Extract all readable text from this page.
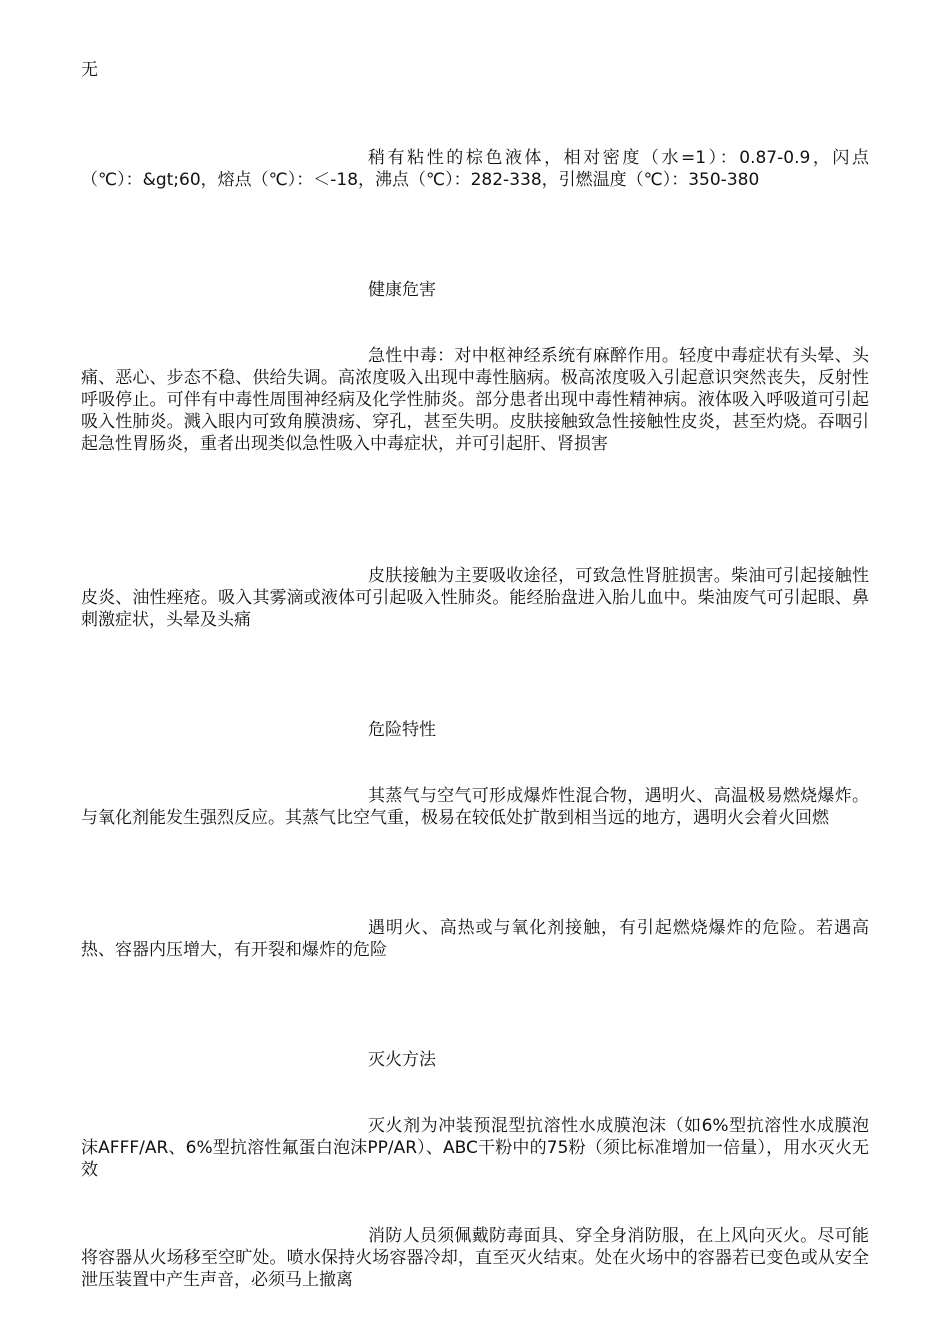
无

稍有粘性的棕色液体，相对密度（水=1）：0.87-0.9，闪点（℃）：&gt;60，熔点（℃）：＜-18，沸点（℃）：282-338，引燃温度（℃）：350-380

健康危害

急性中毒：对中枢神经系统有麻醉作用。轻度中毒症状有头晕、头痛、恶心、步态不稳、供给失调。高浓度吸入出现中毒性脑病。极高浓度吸入引起意识突然丧失，反射性呼吸停止。可伴有中毒性周围神经病及化学性肺炎。部分患者出现中毒性精神病。液体吸入呼吸道可引起吸入性肺炎。溅入眼内可致角膜溃疡、穿孔，甚至失明。皮肤接触致急性接触性皮炎，甚至灼烧。吞咽引起急性胃肠炎，重者出现类似急性吸入中毒症状，并可引起肝、肾损害

皮肤接触为主要吸收途径，可致急性肾脏损害。柴油可引起接触性皮炎、油性痤疮。吸入其雾滴或液体可引起吸入性肺炎。能经胎盘进入胎儿血中。柴油废气可引起眼、鼻刺激症状，头晕及头痛

危险特性

其蒸气与空气可形成爆炸性混合物，遇明火、高温极易燃烧爆炸。与氧化剂能发生强烈反应。其蒸气比空气重，极易在较低处扩散到相当远的地方，遇明火会着火回燃

遇明火、高热或与氧化剂接触，有引起燃烧爆炸的危险。若遇高热、容器内压增大，有开裂和爆炸的危险

灭火方法

灭火剂为冲装预混型抗溶性水成膜泡沫（如6%型抗溶性水成膜泡沫AFFF/AR、6%型抗溶性氟蛋白泡沫PP/AR）、ABC干粉中的75粉（须比标准增加一倍量），用水灭火无效

消防人员须佩戴防毒面具、穿全身消防服，在上风向灭火。尽可能将容器从火场移至空旷处。喷水保持火场容器冷却，直至灭火结束。处在火场中的容器若已变色或从安全泄压装置中产生声音，必须马上撤离
